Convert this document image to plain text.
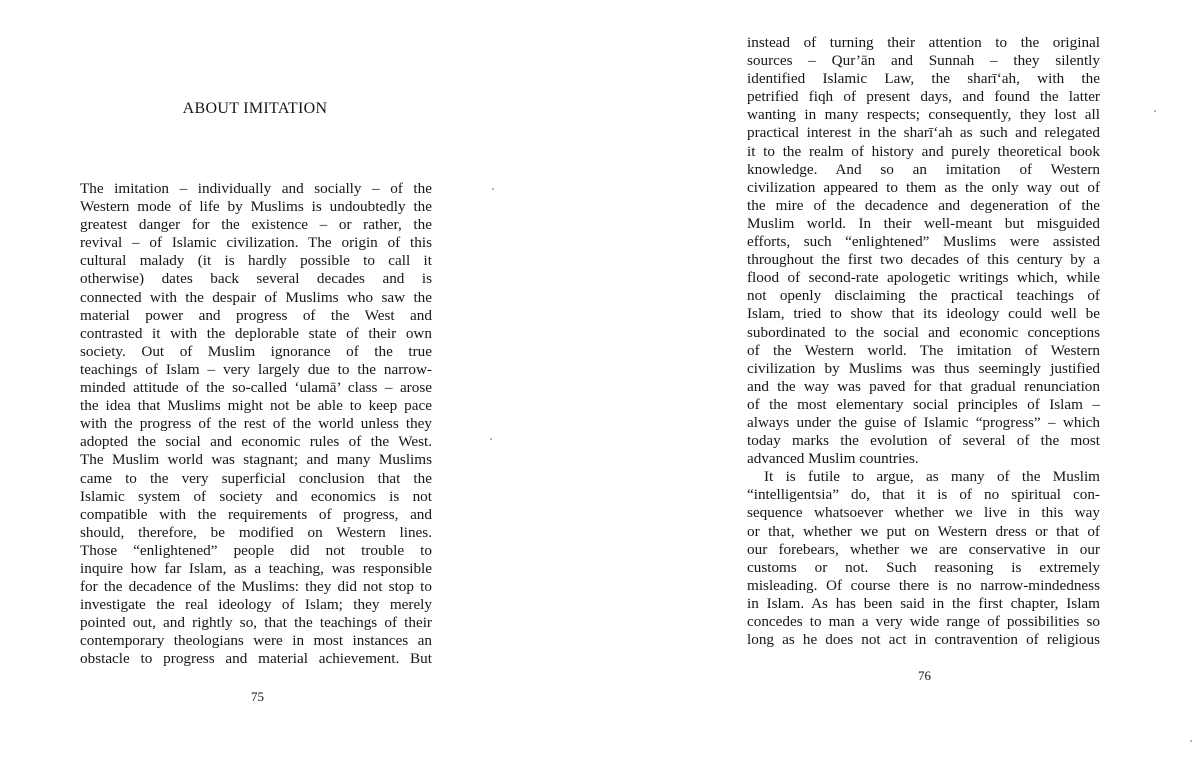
ABOUT IMITATION
The imitation – individually and socially – of the
Western mode of life by Muslims is undoubtedly the
greatest danger for the existence – or rather, the
revival – of Islamic civilization. The origin of this
cultural malady (it is hardly possible to call it
otherwise) dates back several decades and is
connected with the despair of Muslims who saw the
material power and progress of the West and
contrasted it with the deplorable state of their own
society. Out of Muslim ignorance of the true
teachings of Islam – very largely due to the narrow-
minded attitude of the so-called ‘ulamā’ class – arose
the idea that Muslims might not be able to keep pace
with the progress of the rest of the world unless they
adopted the social and economic rules of the West.
The Muslim world was stagnant; and many Muslims
came to the very superficial conclusion that the
Islamic system of society and economics is not
compatible with the requirements of progress, and
should, therefore, be modified on Western lines.
Those “enlightened” people did not trouble to
inquire how far Islam, as a teaching, was responsible
for the decadence of the Muslims: they did not stop to
investigate the real ideology of Islam; they merely
pointed out, and rightly so, that the teachings of their
contemporary theologians were in most instances an
obstacle to progress and material achievement. But
75
instead of turning their attention to the original
sources – Qur’ān and Sunnah – they silently
identified Islamic Law, the sharī‘ah, with the
petrified fiqh of present days, and found the latter
wanting in many respects; consequently, they lost all
practical interest in the sharī‘ah as such and relegated
it to the realm of history and purely theoretical book
knowledge. And so an imitation of Western
civilization appeared to them as the only way out of
the mire of the decadence and degeneration of the
Muslim world. In their well-meant but misguided
efforts, such “enlightened” Muslims were assisted
throughout the first two decades of this century by a
flood of second-rate apologetic writings which, while
not openly disclaiming the practical teachings of
Islam, tried to show that its ideology could well be
subordinated to the social and economic conceptions
of the Western world. The imitation of Western
civilization by Muslims was thus seemingly justified
and the way was paved for that gradual renunciation
of the most elementary social principles of Islam –
always under the guise of Islamic “progress” – which
today marks the evolution of several of the most
advanced Muslim countries.
It is futile to argue, as many of the Muslim
“intelligentsia” do, that it is of no spiritual con-
sequence whatsoever whether we live in this way
or that, whether we put on Western dress or that of
our forebears, whether we are conservative in our
customs or not. Such reasoning is extremely
misleading. Of course there is no narrow-mindedness
in Islam. As has been said in the first chapter, Islam
concedes to man a very wide range of possibilities so
long as he does not act in contravention of religious
76
